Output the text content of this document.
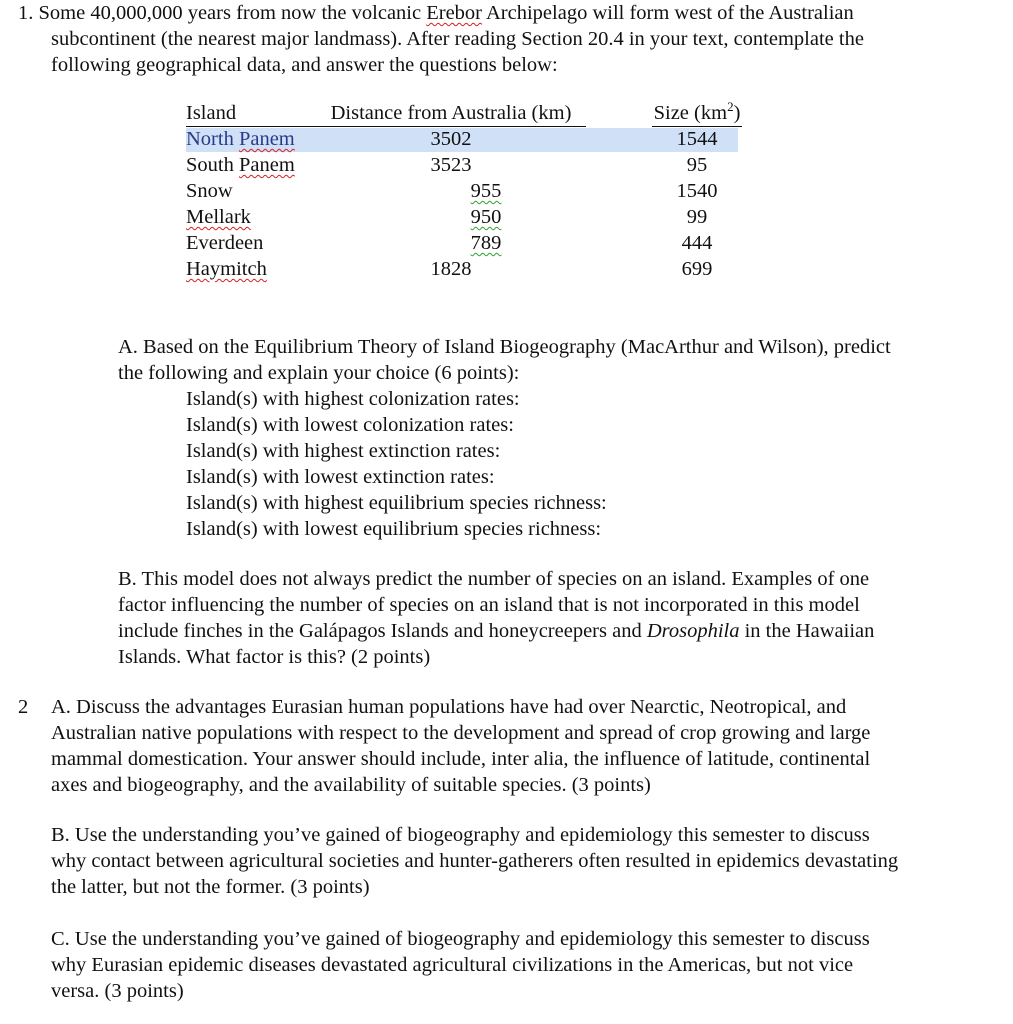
1. Some 40,000,000 years from now the volcanic Erebor Archipelago will form west of the Australian
subcontinent (the nearest major landmass). After reading Section 20.4 in your text, contemplate the
following geographical data, and answer the questions below:
Island	Distance from Australia (km)	Size $(km^2)$
North Panem	3502	1544
South Panem	3523	95
Snow	955	1540
Mellark	950	99
Everdeen	789	444
Haymitch	1828	699
A. Based on the Equilibrium Theory of Island Biogeography (MacArthur and Wilson), predict
the following and explain your choice (6 points):
Island(s) with highest colonization rates:
Island(s) with lowest colonization rates:
Island(s) with highest extinction rates:
Island(s) with lowest extinction rates:
Island(s) with highest equilibrium species richness:
Island(s) with lowest equilibrium species richness:
B. This model does not always predict the number of species on an island. Examples of one
factor influencing the number of species on an island that is not incorporated in this model
include finches in the Galápagos Islands and honeycreepers and Drosophila in the Hawaiian
Islands. What factor is this? (2 points)
2 A. Discuss the advantages Eurasian human populations have had over Nearctic, Neotropical, and
Australian native populations with respect to the development and spread of crop growing and large
mammal domestication. Your answer should include, inter alia, the influence of latitude, continental
axes and biogeography, and the availability of suitable species. (3 points)
B. Use the understanding you’ve gained of biogeography and epidemiology this semester to discuss
why contact between agricultural societies and hunter-gatherers often resulted in epidemics devastating
the latter, but not the former. (3 points)
C. Use the understanding you’ve gained of biogeography and epidemiology this semester to discuss
why Eurasian epidemic diseases devastated agricultural civilizations in the Americas, but not vice
versa. (3 points)
